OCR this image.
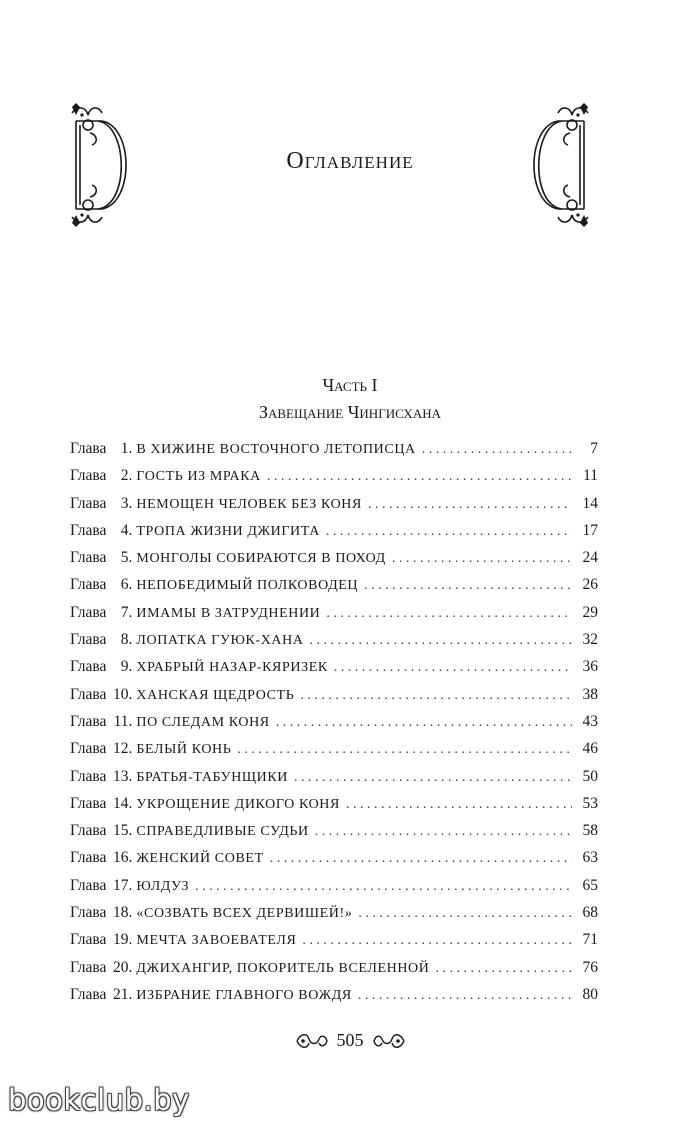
Оглавление
Часть I
Завещание Чингисхана
Глава 1. В ХИЖИНЕ ВОСТОЧНОГО ЛЕТОПИСЦА . . .	7
Глава 2. ГОСТЬ ИЗ МРАКА . . .	11
Глава 3. НЕМОЩЕН ЧЕЛОВЕК БЕЗ КОНЯ . . .	14
Глава 4. ТРОПА ЖИЗНИ ДЖИГИТА . . .	17
Глава 5. МОНГОЛЫ СОБИРАЮТСЯ В ПОХОД . . .	24
Глава 6. НЕПОБЕДИМЫЙ ПОЛКОВОДЕЦ . . .	26
Глава 7. ИМАМЫ В ЗАТРУДНЕНИИ . . .	29
Глава 8. ЛОПАТКА ГУЮК-ХАНА . . .	32
Глава 9. ХРАБРЫЙ НАЗАР-КЯРИЗЕК . . .	36
Глава 10. ХАНСКАЯ ЩЕДРОСТЬ . . .	38
Глава 11. ПО СЛЕДАМ КОНЯ . . .	43
Глава 12. БЕЛЫЙ КОНЬ . . .	46
Глава 13. БРАТЬЯ-ТАБУНЩИКИ . . .	50
Глава 14. УКРОЩЕНИЕ ДИКОГО КОНЯ . . .	53
Глава 15. СПРАВЕДЛИВЫЕ СУДЬИ . . .	58
Глава 16. ЖЕНСКИЙ СОВЕТ . . .	63
Глава 17. ЮЛДУЗ . . .	65
Глава 18. «СОЗВАТЬ ВСЕХ ДЕРВИШЕЙ!» . . .	68
Глава 19. МЕЧТА ЗАВОЕВАТЕЛЯ . . .	71
Глава 20. ДЖИХАНГИР, ПОКОРИТЕЛЬ ВСЕЛЕННОЙ . . .	76
Глава 21. ИЗБРАНИЕ ГЛАВНОГО ВОЖДЯ . . .	80
505
bookclub.by
